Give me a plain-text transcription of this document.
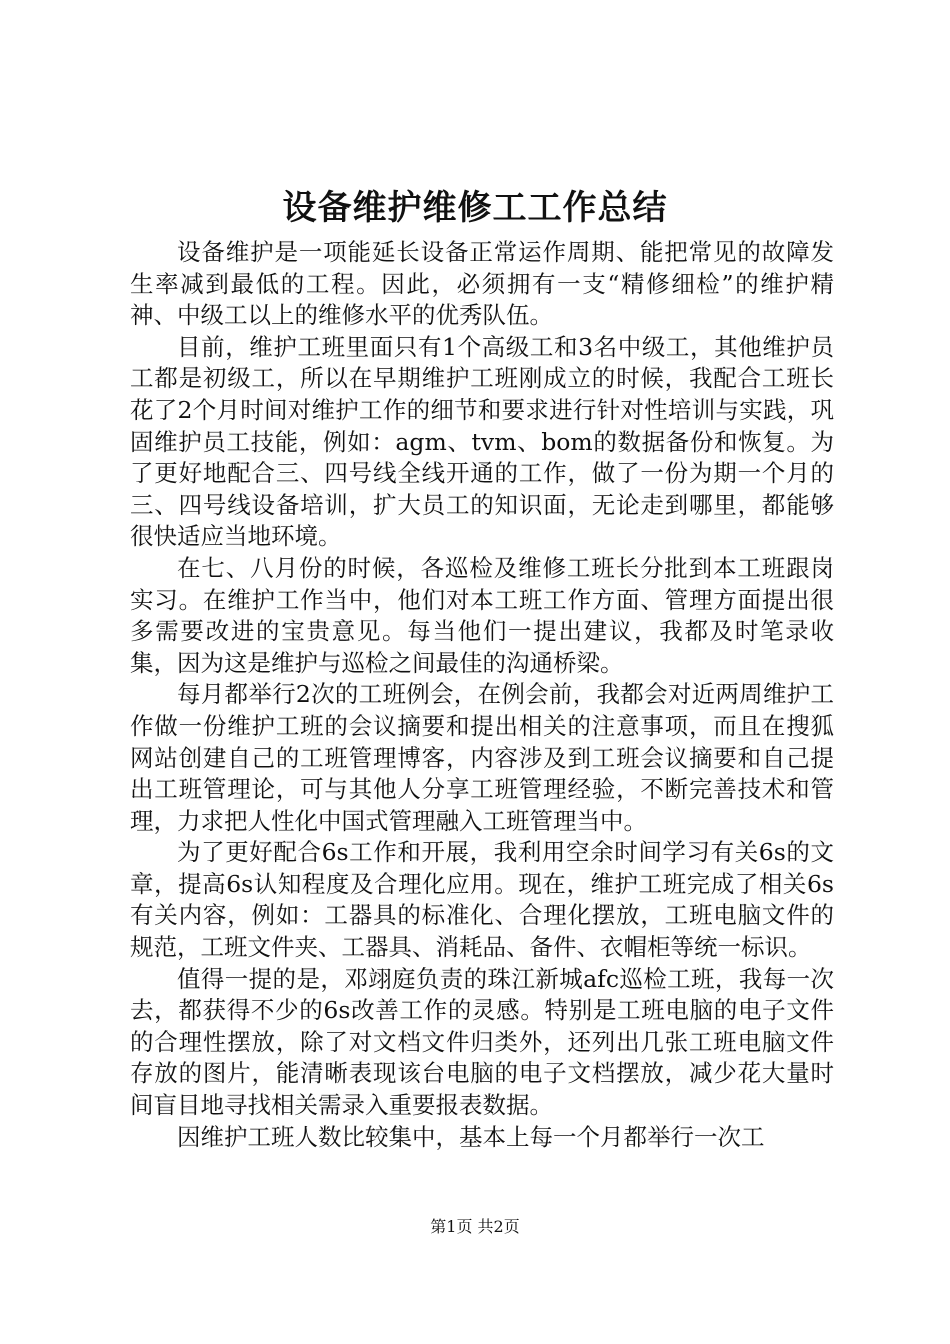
设备维护维修工工作总结

设备维护是一项能延长设备正常运作周期、能把常见的故障发生率减到最低的工程。因此，必须拥有一支“精修细检”的维护精神、中级工以上的维修水平的优秀队伍。

目前，维护工班里面只有1个高级工和3名中级工，其他维护员工都是初级工，所以在早期维护工班刚成立的时候，我配合工班长花了2个月时间对维护工作的细节和要求进行针对性培训与实践，巩固维护员工技能，例如：agm、tvm、bom的数据备份和恢复。为了更好地配合三、四号线全线开通的工作，做了一份为期一个月的三、四号线设备培训，扩大员工的知识面，无论走到哪里，都能够很快适应当地环境。

在七、八月份的时候，各巡检及维修工班长分批到本工班跟岗实习。在维护工作当中，他们对本工班工作方面、管理方面提出很多需要改进的宝贵意见。每当他们一提出建议，我都及时笔录收集，因为这是维护与巡检之间最佳的沟通桥梁。

每月都举行2次的工班例会，在例会前，我都会对近两周维护工作做一份维护工班的会议摘要和提出相关的注意事项，而且在搜狐网站创建自己的工班管理博客，内容涉及到工班会议摘要和自己提出工班管理论，可与其他人分享工班管理经验，不断完善技术和管理，力求把人性化中国式管理融入工班管理当中。

为了更好配合6s工作和开展，我利用空余时间学习有关6s的文章，提高6s认知程度及合理化应用。现在，维护工班完成了相关6s有关内容，例如：工器具的标准化、合理化摆放，工班电脑文件的规范，工班文件夹、工器具、消耗品、备件、衣帽柜等统一标识。

值得一提的是，邓翊庭负责的珠江新城afc巡检工班，我每一次去，都获得不少的6s改善工作的灵感。特别是工班电脑的电子文件的合理性摆放，除了对文档文件归类外，还列出几张工班电脑文件存放的图片，能清晰表现该台电脑的电子文档摆放，减少花大量时间盲目地寻找相关需录入重要报表数据。

因维护工班人数比较集中，基本上每一个月都举行一次工

第1页 共2页
